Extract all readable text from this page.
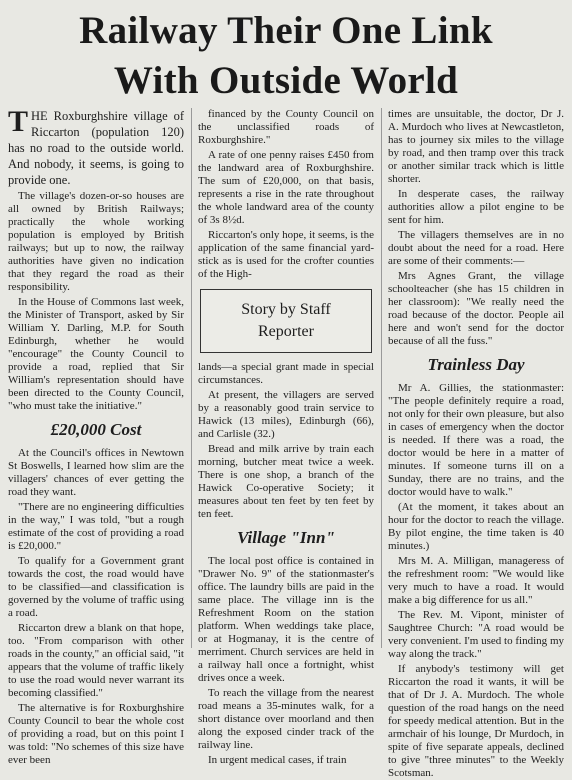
Railway Their One Link
With Outside World

THE Roxburghshire village of Riccarton (population 120) has no road to the outside world. And nobody, it seems, is going to provide one.

The village's dozen-or-so houses are all owned by British Railways; practically the whole working population is employed by British railways; but up to now, the railway authorities have given no indication that they regard the road as their responsibility.

In the House of Commons last week, the Minister of Transport, asked by Sir William Y. Darling, M.P. for South Edinburgh, whether he would "encourage" the County Council to provide a road, replied that Sir William's representation should have been directed to the County Council, "who must take the initiative."

£20,000 Cost

At the Council's offices in Newtown St Boswells, I learned how slim are the villagers' chances of ever getting the road they want.

"There are no engineering difficulties in the way," I was told, "but a rough estimate of the cost of providing a road is £20,000."

To qualify for a Government grant towards the cost, the road would have to be classified—and classification is governed by the volume of traffic using a road.

Riccarton drew a blank on that hope, too. "From comparison with other roads in the county," an official said, "it appears that the volume of traffic likely to use the road would never warrant its becoming classified."

The alternative is for Roxburghshire County Council to bear the whole cost of providing a road, but on this point I was told: "No schemes of this size have ever been

financed by the County Council on the unclassified roads of Roxburghshire."

A rate of one penny raises £450 from the landward area of Roxburghshire. The sum of £20,000, on that basis, represents a rise in the rate throughout the whole landward area of the county of 3s 8½d.

Riccarton's only hope, it seems, is the application of the same financial yard-stick as is used for the crofter counties of the High-

Story by Staff
Reporter

lands—a special grant made in special circumstances.

At present, the villagers are served by a reasonably good train service to Hawick (13 miles), Edinburgh (66), and Carlisle (32.)

Bread and milk arrive by train each morning, butcher meat twice a week. There is one shop, a branch of the Hawick Co-operative Society; it measures about ten feet by ten feet by ten feet.

Village "Inn"

The local post office is contained in "Drawer No. 9" of the stationmaster's office. The laundry bills are paid in the same place. The village inn is the Refreshment Room on the station platform. When weddings take place, or at Hogmanay, it is the centre of merriment. Church services are held in a railway hall once a fortnight, whist drives once a week.

To reach the village from the nearest road means a 35-minutes walk, for a short distance over moorland and then along the exposed cinder track of the railway line.

In urgent medical cases, if train

times are unsuitable, the doctor, Dr J. A. Murdoch who lives at Newcastleton, has to journey six miles to the village by road, and then tramp over this track or another similar track which is little shorter.

In desperate cases, the railway authorities allow a pilot engine to be sent for him.

The villagers themselves are in no doubt about the need for a road. Here are some of their comments:—

Mrs Agnes Grant, the village schoolteacher (she has 15 children in her classroom): "We really need the road because of the doctor. People ail here and won't send for the doctor because of all the fuss."

Trainless Day

Mr A. Gillies, the stationmaster: "The people definitely require a road, not only for their own pleasure, but also in cases of emergency when the doctor is needed. If there was a road, the doctor would be here in a matter of minutes. If someone turns ill on a Sunday, there are no trains, and the doctor would have to walk."

(At the moment, it takes about an hour for the doctor to reach the village. By pilot engine, the time taken is 40 minutes.)

Mrs M. A. Milligan, manageress of the refreshment room: "We would like very much to have a road. It would make a big difference for us all."

The Rev. M. Vipont, minister of Saughtree Church: "A road would be very convenient. I'm used to finding my way along the track."

If anybody's testimony will get Riccarton the road it wants, it will be that of Dr J. A. Murdoch. The whole question of the road hangs on the need for speedy medical attention. But in the armchair of his lounge, Dr Murdoch, in spite of five separate appeals, declined to give "three minutes" to the Weekly Scotsman.
